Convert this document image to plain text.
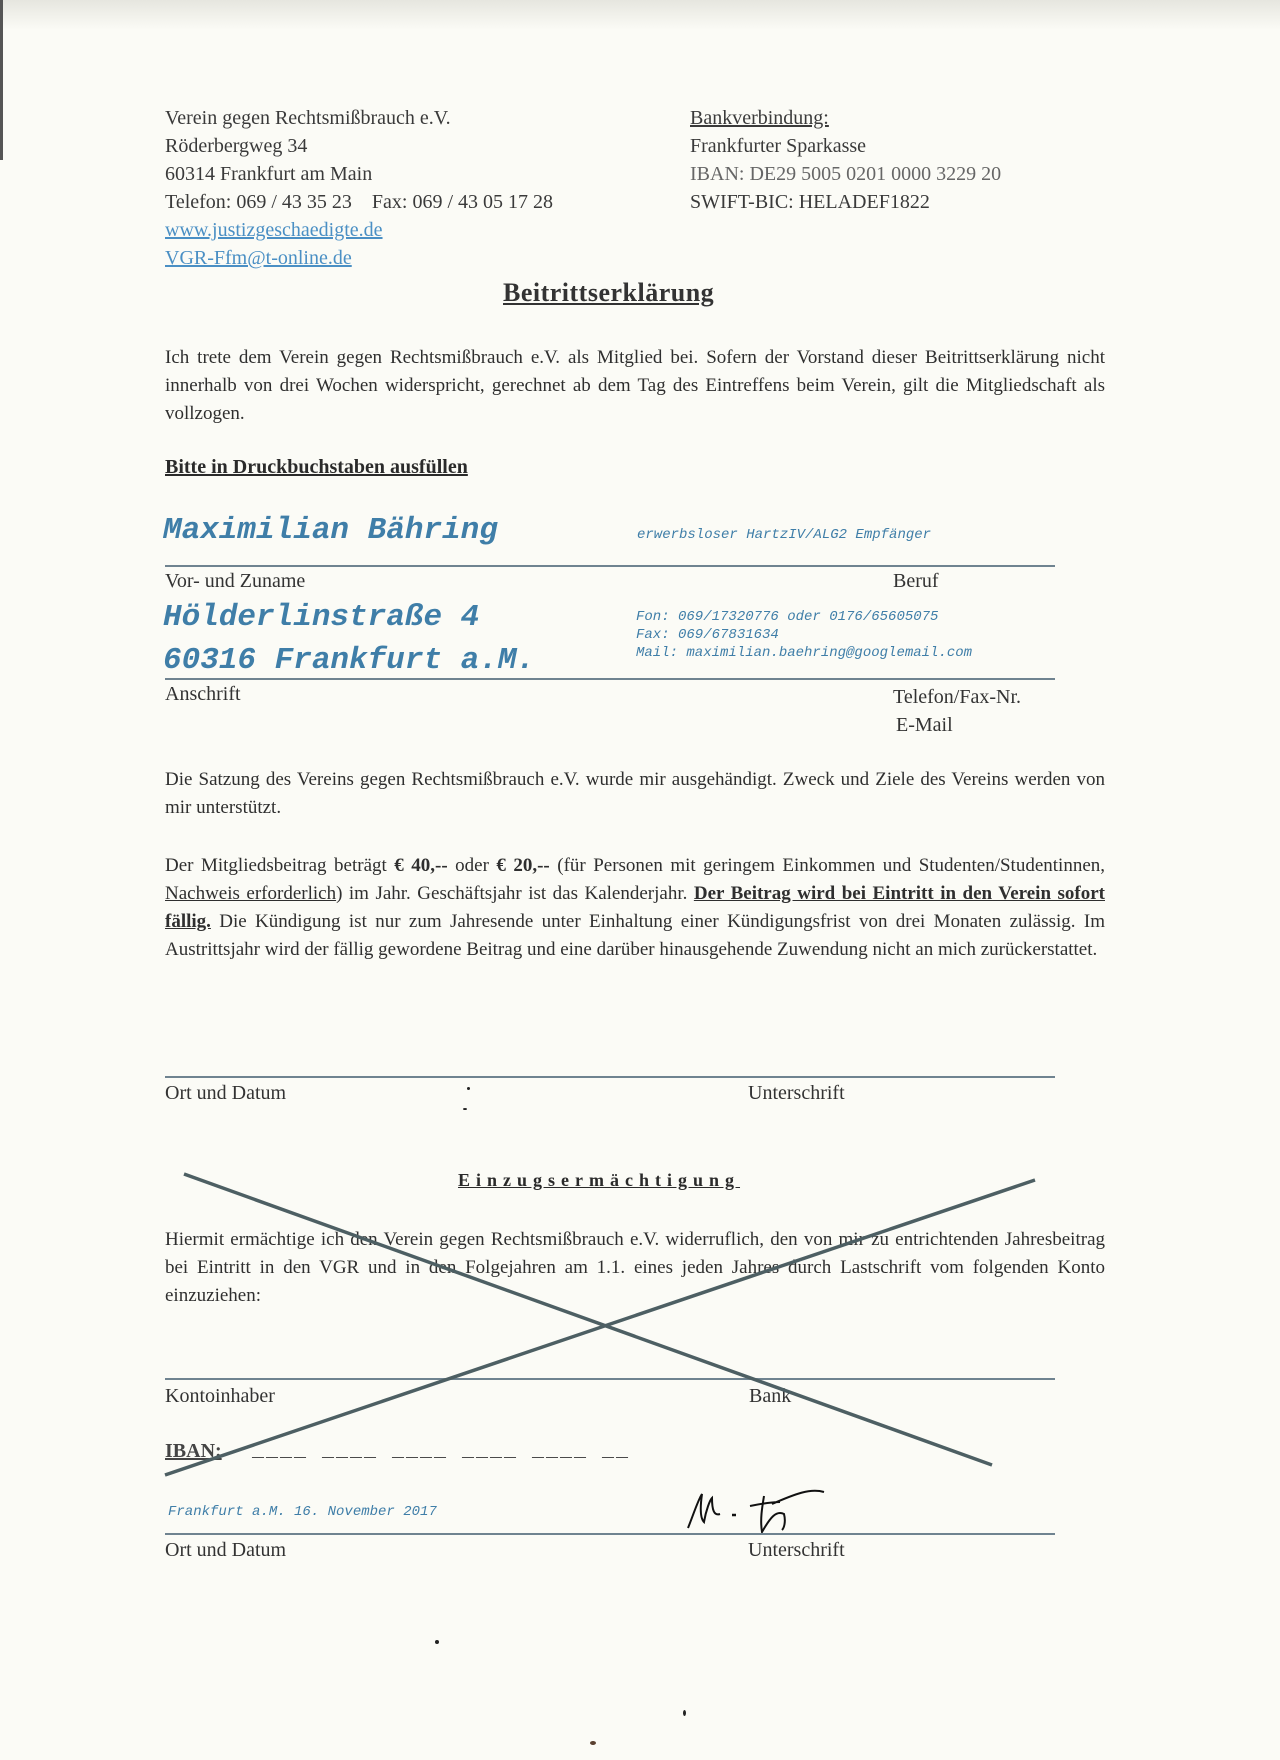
Verein gegen Rechtsmißbrauch e.V.
Röderbergweg 34
60314 Frankfurt am Main
Telefon: 069 / 43 35 23    Fax: 069 / 43 05 17 28
www.justizgeschaedigte.de
VGR-Ffm@t-online.de
Bankverbindung:
Frankfurter Sparkasse
IBAN: DE29 5005 0201 0000 3229 20
SWIFT-BIC: HELADEF1822
Beitrittserklärung
Ich trete dem Verein gegen Rechtsmißbrauch e.V. als Mitglied bei. Sofern der Vorstand dieser Beitrittserklärung nicht innerhalb von drei Wochen widerspricht, gerechnet ab dem Tag des Eintreffens beim Verein, gilt die Mitgliedschaft als vollzogen.
Bitte in Druckbuchstaben ausfüllen
Maximilian Bähring	erwerbsloser HartzIV/ALG2 Empfänger
Vor- und Zuname	Beruf
Hölderlinstraße 4
60316 Frankfurt a.M.
Fon: 069/17320776 oder 0176/65605075
Fax: 069/67831634
Mail: maximilian.baehring@googlemail.com
Anschrift	Telefon/Fax-Nr.
E-Mail
Die Satzung des Vereins gegen Rechtsmißbrauch e.V. wurde mir ausgehändigt. Zweck und Ziele des Vereins werden von mir unterstützt.
Der Mitgliedsbeitrag beträgt € 40,-- oder € 20,-- (für Personen mit geringem Einkommen und Studenten/Studentinnen, Nachweis erforderlich) im Jahr. Geschäftsjahr ist das Kalenderjahr. Der Beitrag wird bei Eintritt in den Verein sofort fällig. Die Kündigung ist nur zum Jahresende unter Einhaltung einer Kündigungsfrist von drei Monaten zulässig. Im Austrittsjahr wird der fällig gewordene Beitrag und eine darüber hinausgehende Zuwendung nicht an mich zurückerstattet.
Ort und Datum	Unterschrift
Einzugsermächtigung
Hiermit ermächtige ich den Verein gegen Rechtsmißbrauch e.V. widerruflich, den von mir zu entrichtenden Jahresbeitrag bei Eintritt in den VGR und in den Folgejahren am 1.1. eines jeden Jahres durch Lastschrift vom folgenden Konto einzuziehen:
Kontoinhaber	Bank
IBAN: ____ ____ ____ ____ ____ __
Frankfurt a.M. 16. November 2017
Ort und Datum	Unterschrift
